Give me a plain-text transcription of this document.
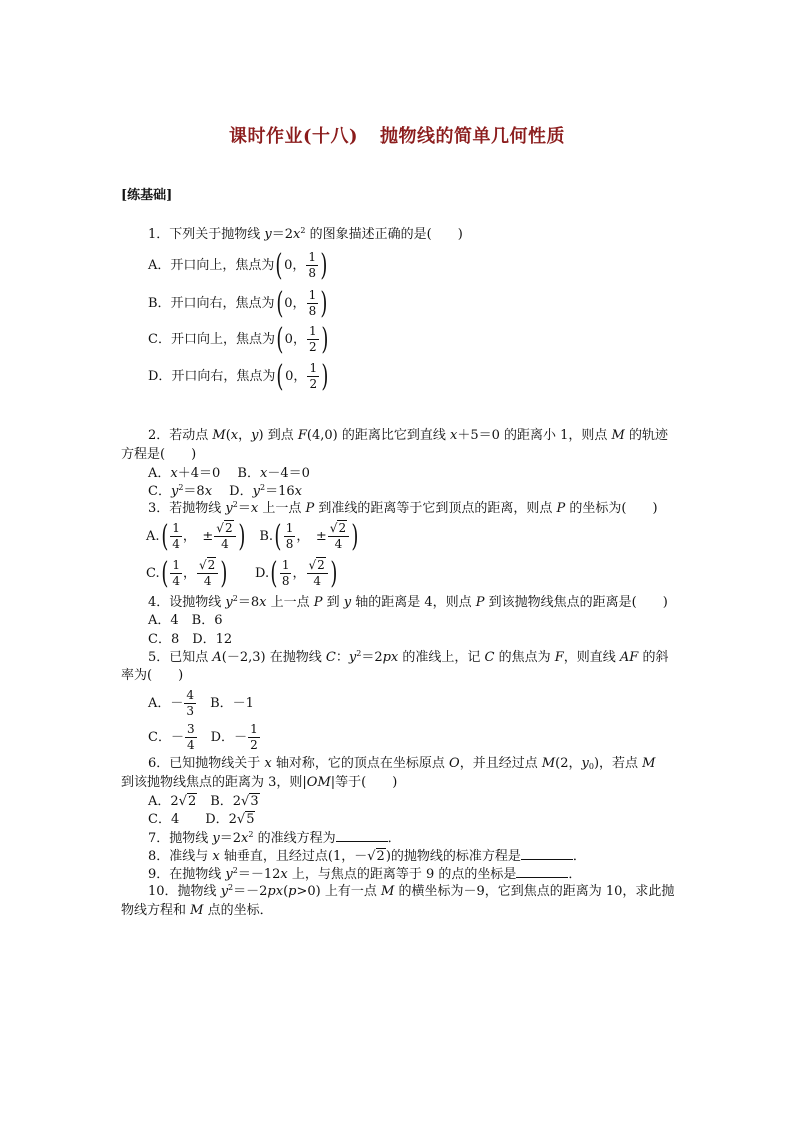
课时作业(十八) 抛物线的简单几何性质
[练基础]
1．下列关于抛物线 $y=2x^2$ 的图象描述正确的是(　　)
A．开口向上，焦点为(0， $\frac{1}{8}$ )
B．开口向右，焦点为(0， $\frac{1}{8}$ )
C．开口向上，焦点为(0， $\frac{1}{2}$ )
D．开口向右，焦点为(0， $\frac{1}{2}$ )
2．若动点 M(x，y) 到点 F(4,0) 的距离比它到直线 x＋5＝0 的距离小 1，则点 M 的轨迹
方程是(　　)
A．x＋4＝0　 B．x－4＝0
C．$y^2=8x$　 D．$y^2=16x$
3．若抛物线 $y^2=x$ 上一点 P 到准线的距离等于它到顶点的距离，则点 P 的坐标为(　　)
$A.( \frac{1}{4}$ ，　± $\frac{√2}{4}$ )　 $B.( \frac{1}{8}$ ，　± $\frac{√2}{4}$ )
$C.( \frac{1}{4}$ ， $\frac{√2}{4}$ )　　 $D.( \frac{1}{8}$ ， $\frac{√2}{4}$ )
4．设抛物线 $y^2=8x$ 上一点 P 到 y 轴的距离是 4，则点 P 到该抛物线焦点的距离是(　　)
A．4　B．6
C．8　D．12
5．已知点 A(－2,3) 在抛物线 C：$y^2=2px$ 的准线上，记 C 的焦点为 F，则直线 AF 的斜
率为(　　)
A．－ $\frac{4}{3}$
　 B．－1
C．－ $\frac{3}{4}$
　 D．－ $\frac{1}{2}$
6．已知抛物线关于 x 轴对称，它的顶点在坐标原点 O，并且经过点 M(2，$y_0$)，若点 M
到该抛物线焦点的距离为 3，则|OM|等于(　　)
A．2√2　B．2√3
C．4　　D．2√5
7．抛物线 $y=2x^2$ 的准线方程为	．
8．准线与 x 轴垂直，且经过点(1，－√2)的抛物线的标准方程是	．
9．在抛物线 $y^2=-12x$ 上，与焦点的距离等于 9 的点的坐标是	．
10．抛物线 $y^2=-2px(p>0)$ 上有一点 M 的横坐标为－9，它到焦点的距离为 10，求此抛
物线方程和 M 点的坐标．
